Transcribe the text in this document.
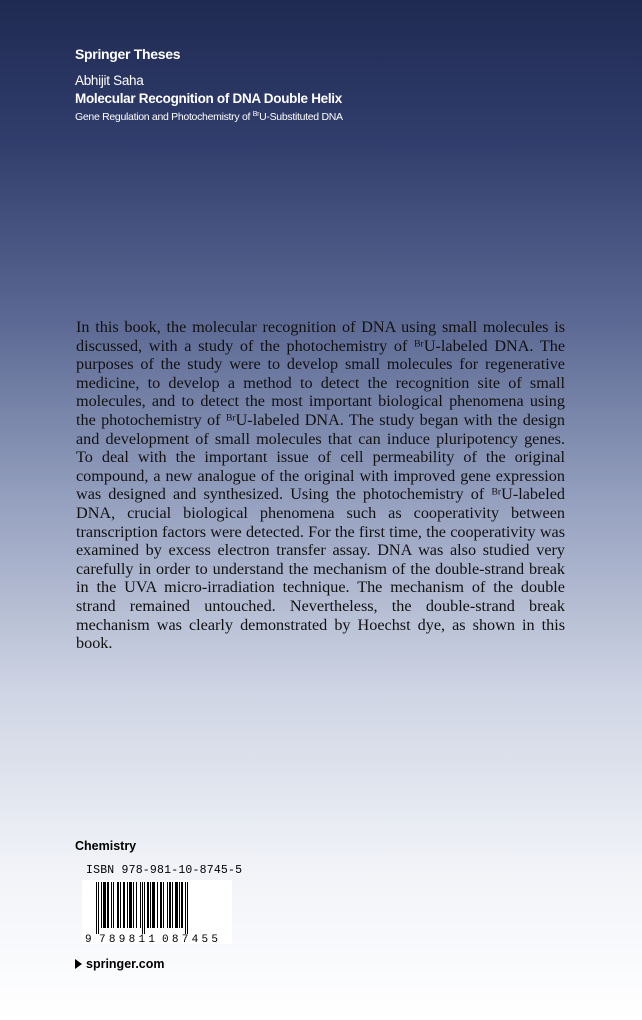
Springer Theses
Abhijit Saha
Molecular Recognition of DNA Double Helix
Gene Regulation and Photochemistry of $^{Br}$U-Substituted DNA

In this book, the molecular recognition of DNA using small molecules is discussed, with a study of the photochemistry of ᴮʳU-labeled DNA. The purposes of the study were to develop small molecules for regenerative medicine, to develop a method to detect the recognition site of small molecules, and to detect the most important biological phenomena using the photochemistry of ᴮʳU-labeled DNA. The study began with the design and development of small molecules that can induce pluripotency genes. To deal with the important issue of cell permeability of the original compound, a new analogue of the original with improved gene expression was designed and synthesized. Using the photochemistry of ᴮʳU-labeled DNA, crucial biological phenomena such as cooperativity between transcription factors were detected. For the first time, the cooperativity was examined by excess electron transfer assay. DNA was also studied very carefully in order to understand the mechanism of the double-strand break in the UVA micro-irradiation technique. The mechanism of the double strand remained untouched. Nevertheless, the double-strand break mechanism was clearly demonstrated by Hoechst dye, as shown in this book.

Chemistry
ISBN 978-981-10-8745-5
9 789811 087455
springer.com
